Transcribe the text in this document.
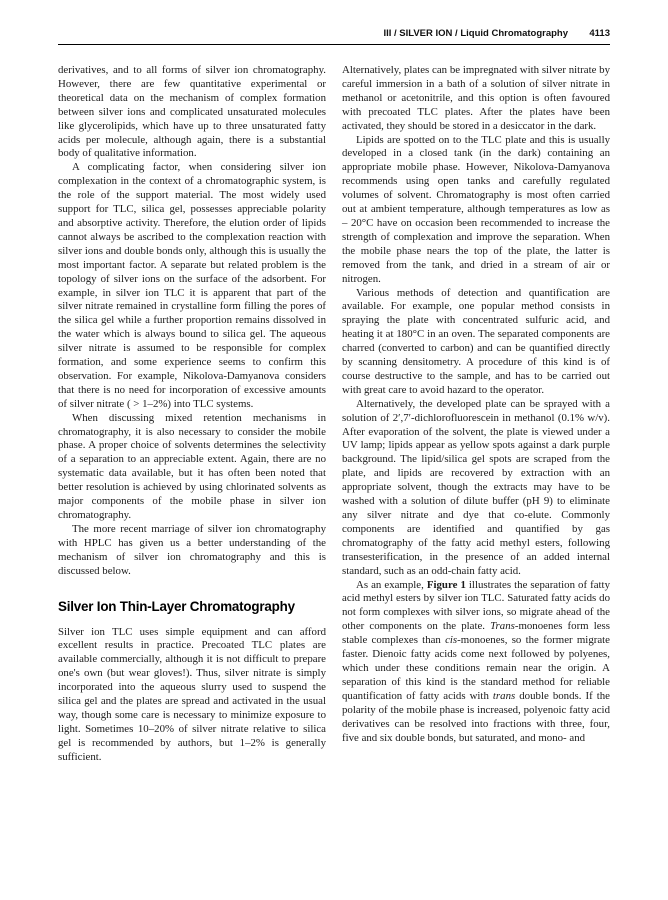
III / SILVER ION / Liquid Chromatography 4113

derivatives, and to all forms of silver ion chromatography. However, there are few quantitative experimental or theoretical data on the mechanism of complex formation between silver ions and complicated unsaturated molecules like glycerolipids, which have up to three unsaturated fatty acids per molecule, although again, there is a substantial body of qualitative information.

A complicating factor, when considering silver ion complexation in the context of a chromatographic system, is the role of the support material. The most widely used support for TLC, silica gel, possesses appreciable polarity and absorptive activity. Therefore, the elution order of lipids cannot always be ascribed to the complexation reaction with silver ions and double bonds only, although this is usually the most important factor. A separate but related problem is the topology of silver ions on the surface of the adsorbent. For example, in silver ion TLC it is apparent that part of the silver nitrate remained in crystalline form filling the pores of the silica gel while a further proportion remains dissolved in the water which is always bound to silica gel. The aqueous silver nitrate is assumed to be responsible for complex formation, and some experience seems to confirm this observation. For example, Nikolova-Damyanova considers that there is no need for incorporation of excessive amounts of silver nitrate ( > 1–2%) into TLC systems.

When discussing mixed retention mechanisms in chromatography, it is also necessary to consider the mobile phase. A proper choice of solvents determines the selectivity of a separation to an appreciable extent. Again, there are no systematic data available, but it has often been noted that better resolution is achieved by using chlorinated solvents as major components of the mobile phase in silver ion chromatography.

The more recent marriage of silver ion chromatography with HPLC has given us a better understanding of the mechanism of silver ion chromatography and this is discussed below.

Silver Ion Thin-Layer Chromatography

Silver ion TLC uses simple equipment and can afford excellent results in practice. Precoated TLC plates are available commercially, although it is not difficult to prepare one's own (but wear gloves!). Thus, silver nitrate is simply incorporated into the aqueous slurry used to suspend the silica gel and the plates are spread and activated in the usual way, though some care is necessary to minimize exposure to light. Sometimes 10–20% of silver nitrate relative to silica gel is recommended by authors, but 1–2% is generally sufficient.

Alternatively, plates can be impregnated with silver nitrate by careful immersion in a bath of a solution of silver nitrate in methanol or acetonitrile, and this option is often favoured with precoated TLC plates. After the plates have been activated, they should be stored in a desiccator in the dark.

Lipids are spotted on to the TLC plate and this is usually developed in a closed tank (in the dark) containing an appropriate mobile phase. However, Nikolova-Damyanova recommends using open tanks and carefully regulated volumes of solvent. Chromatography is most often carried out at ambient temperature, although temperatures as low as – 20°C have on occasion been recommended to increase the strength of complexation and improve the separation. When the mobile phase nears the top of the plate, the latter is removed from the tank, and dried in a stream of air or nitrogen.

Various methods of detection and quantification are available. For example, one popular method consists in spraying the plate with concentrated sulfuric acid, and heating it at 180°C in an oven. The separated components are charred (converted to carbon) and can be quantified directly by scanning densitometry. A procedure of this kind is of course destructive to the sample, and has to be carried out with great care to avoid hazard to the operator.

Alternatively, the developed plate can be sprayed with a solution of 2′,7′-dichlorofluorescein in methanol (0.1% w/v). After evaporation of the solvent, the plate is viewed under a UV lamp; lipids appear as yellow spots against a dark purple background. The lipid/silica gel spots are scraped from the plate, and lipids are recovered by extraction with an appropriate solvent, though the extracts may have to be washed with a solution of dilute buffer (pH 9) to eliminate any silver nitrate and dye that co-elute. Commonly components are identified and quantified by gas chromatography of the fatty acid methyl esters, following transesterification, in the presence of an added internal standard, such as an odd-chain fatty acid.

As an example, Figure 1 illustrates the separation of fatty acid methyl esters by silver ion TLC. Saturated fatty acids do not form complexes with silver ions, so migrate ahead of the other components on the plate. Trans-monoenes form less stable complexes than cis-monoenes, so the former migrate faster. Dienoic fatty acids come next followed by polyenes, which under these conditions remain near the origin. A separation of this kind is the standard method for reliable quantification of fatty acids with trans double bonds. If the polarity of the mobile phase is increased, polyenoic fatty acid derivatives can be resolved into fractions with three, four, five and six double bonds, but saturated, and mono- and
